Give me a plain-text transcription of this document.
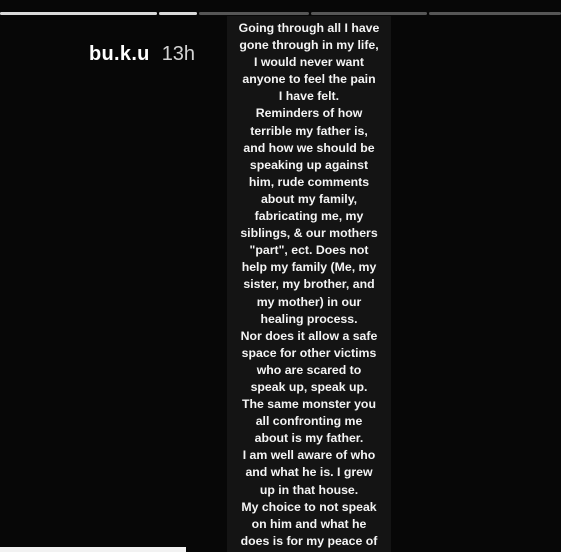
bu.k.u 13h
Going through all I have
gone through in my life,
I would never want
anyone to feel the pain
I have felt.
Reminders of how
terrible my father is,
and how we should be
speaking up against
him, rude comments
about my family,
fabricating me, my
siblings, & our mothers
"part", ect. Does not
help my family (Me, my
sister, my brother, and
my mother) in our
healing process.
Nor does it allow a safe
space for other victims
who are scared to
speak up, speak up.
The same monster you
all confronting me
about is my father.
I am well aware of who
and what he is. I grew
up in that house.
My choice to not speak
on him and what he
does is for my peace of
